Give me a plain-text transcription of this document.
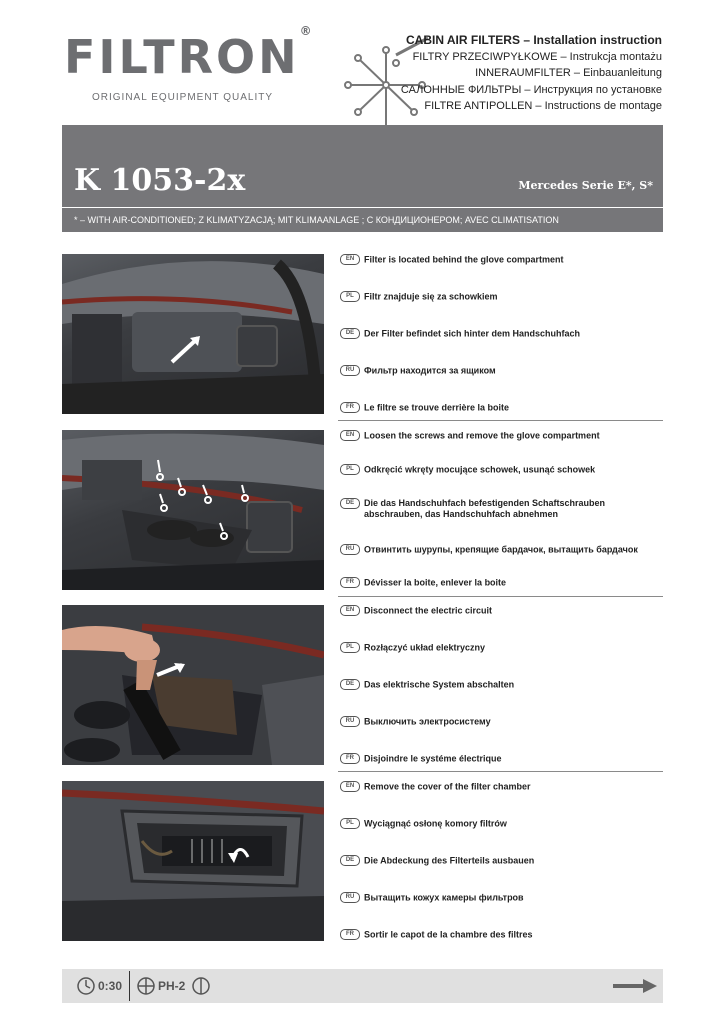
FILTRON®
ORIGINAL EQUIPMENT QUALITY
CABIN AIR FILTERS – Installation instruction
FILTRY PRZECIWPYŁKOWE – Instrukcja montażu
INNERAUMFILTER – Einbauanleitung
САЛОННЫЕ ФИЛЬТРЫ – Инструкция по установке
FILTRE ANTIPOLLEN – Instructions de montage
K 1053-2x	Mercedes Serie E*, S*
* – WITH AIR-CONDITIONED; Z KLIMATYZACJĄ; MIT KLIMAANLAGE ; С КОНДИЦИОНЕРОМ; AVEC CLIMATISATION
EN Filter is located behind the glove compartment
PL Filtr znajduje się za schowkiem
DE Der Filter befindet sich hinter dem Handschuhfach
RU Фильтр находится за ящиком
FR Le filtre se trouve derrière la boite
EN Loosen the screws and remove the glove compartment
PL Odkręcić wkręty mocujące schowek, usunąć schowek
DE Die das Handschuhfach befestigenden Schaftschrauben abschrauben, das Handschuhfach abnehmen
RU Отвинтить шурупы, крепящие бардачок, вытащить бардачок
FR Dévisser la boite, enlever la boite
EN Disconnect the electric circuit
PL Rozłączyć układ elektryczny
DE Das elektrische System abschalten
RU Выключить электросистему
FR Disjoindre le systéme électrique
EN Remove the cover of the filter chamber
PL Wyciągnąć osłonę komory filtrów
DE Die Abdeckung des Filterteils ausbauen
RU Вытащить кожух камеры фильтров
FR Sortir le capot de la chambre des filtres
0:30	PH-2
